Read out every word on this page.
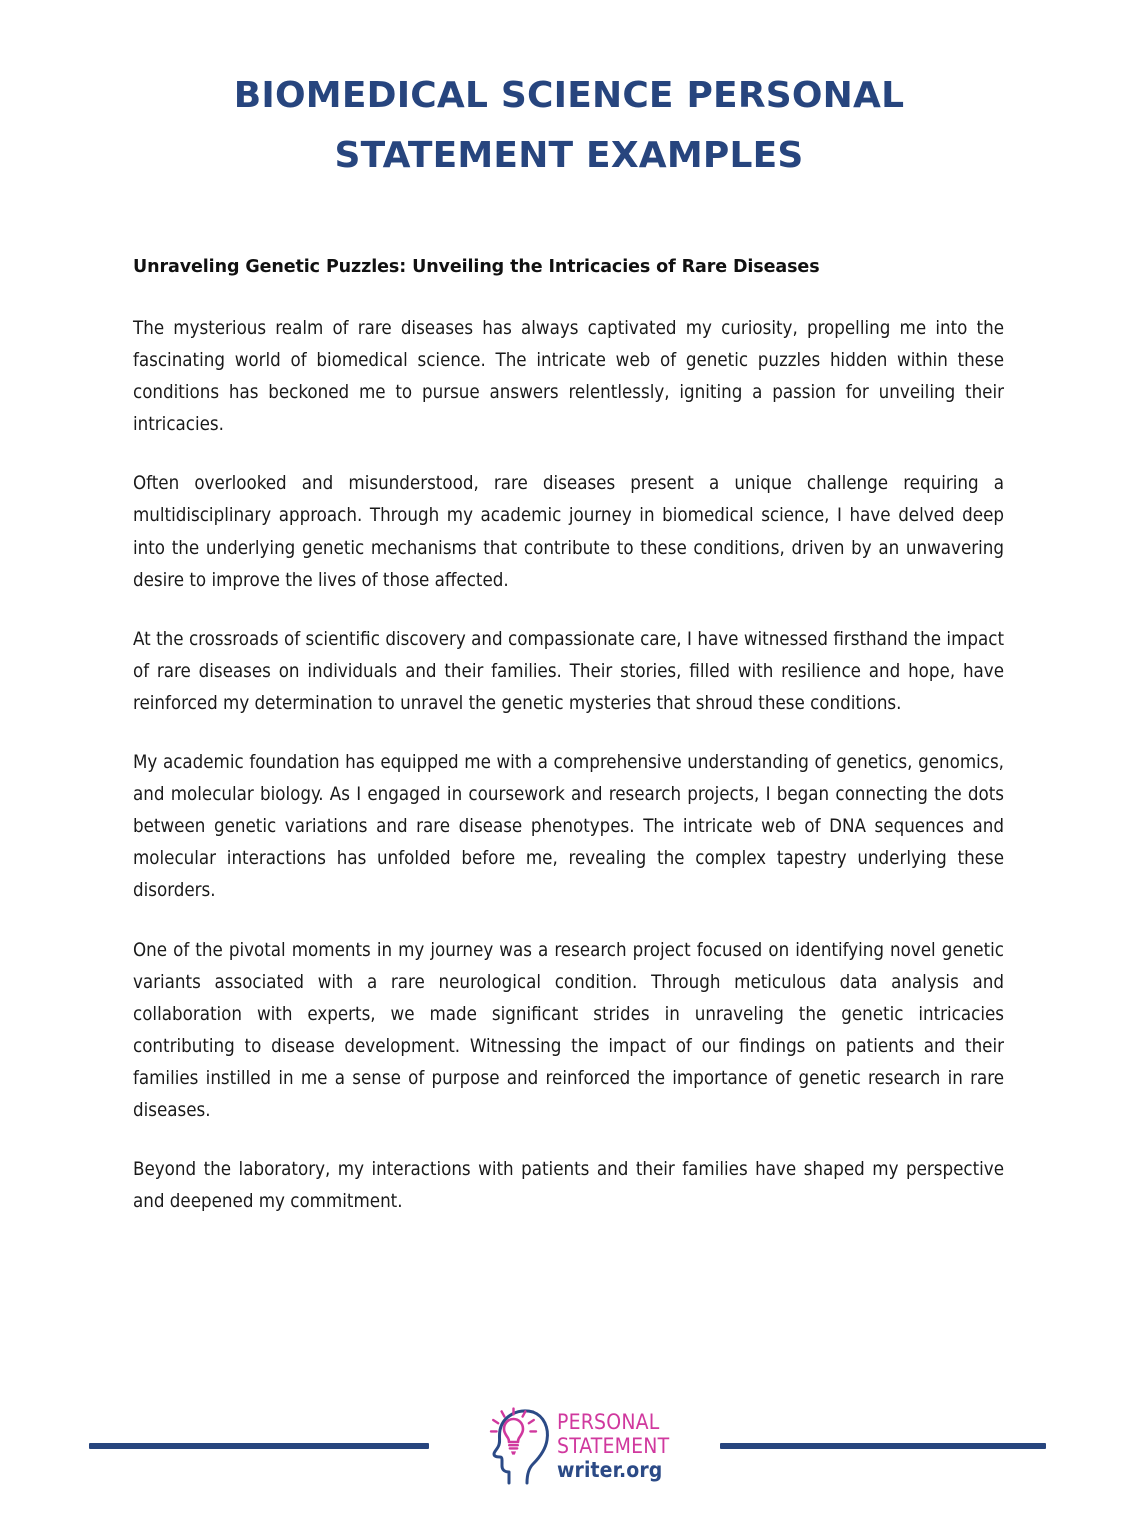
BIOMEDICAL SCIENCE PERSONAL
STATEMENT EXAMPLES
Unraveling Genetic Puzzles: Unveiling the Intricacies of Rare Diseases

The mysterious realm of rare diseases has always captivated my curiosity, propelling me into the fascinating world of biomedical science. The intricate web of genetic puzzles hidden within these conditions has beckoned me to pursue answers relentlessly, igniting a passion for unveiling their intricacies.

Often overlooked and misunderstood, rare diseases present a unique challenge requiring a multidisciplinary approach. Through my academic journey in biomedical science, I have delved deep into the underlying genetic mechanisms that contribute to these conditions, driven by an unwavering desire to improve the lives of those affected.

At the crossroads of scientific discovery and compassionate care, I have witnessed firsthand the impact of rare diseases on individuals and their families. Their stories, filled with resilience and hope, have reinforced my determination to unravel the genetic mysteries that shroud these conditions.

My academic foundation has equipped me with a comprehensive understanding of genetics, genomics, and molecular biology. As I engaged in coursework and research projects, I began connecting the dots between genetic variations and rare disease phenotypes. The intricate web of DNA sequences and molecular interactions has unfolded before me, revealing the complex tapestry underlying these disorders.

One of the pivotal moments in my journey was a research project focused on identifying novel genetic variants associated with a rare neurological condition. Through meticulous data analysis and collaboration with experts, we made significant strides in unraveling the genetic intricacies contributing to disease development. Witnessing the impact of our findings on patients and their families instilled in me a sense of purpose and reinforced the importance of genetic research in rare diseases.

Beyond the laboratory, my interactions with patients and their families have shaped my perspective and deepened my commitment.

PERSONAL
STATEMENT
writer.org
